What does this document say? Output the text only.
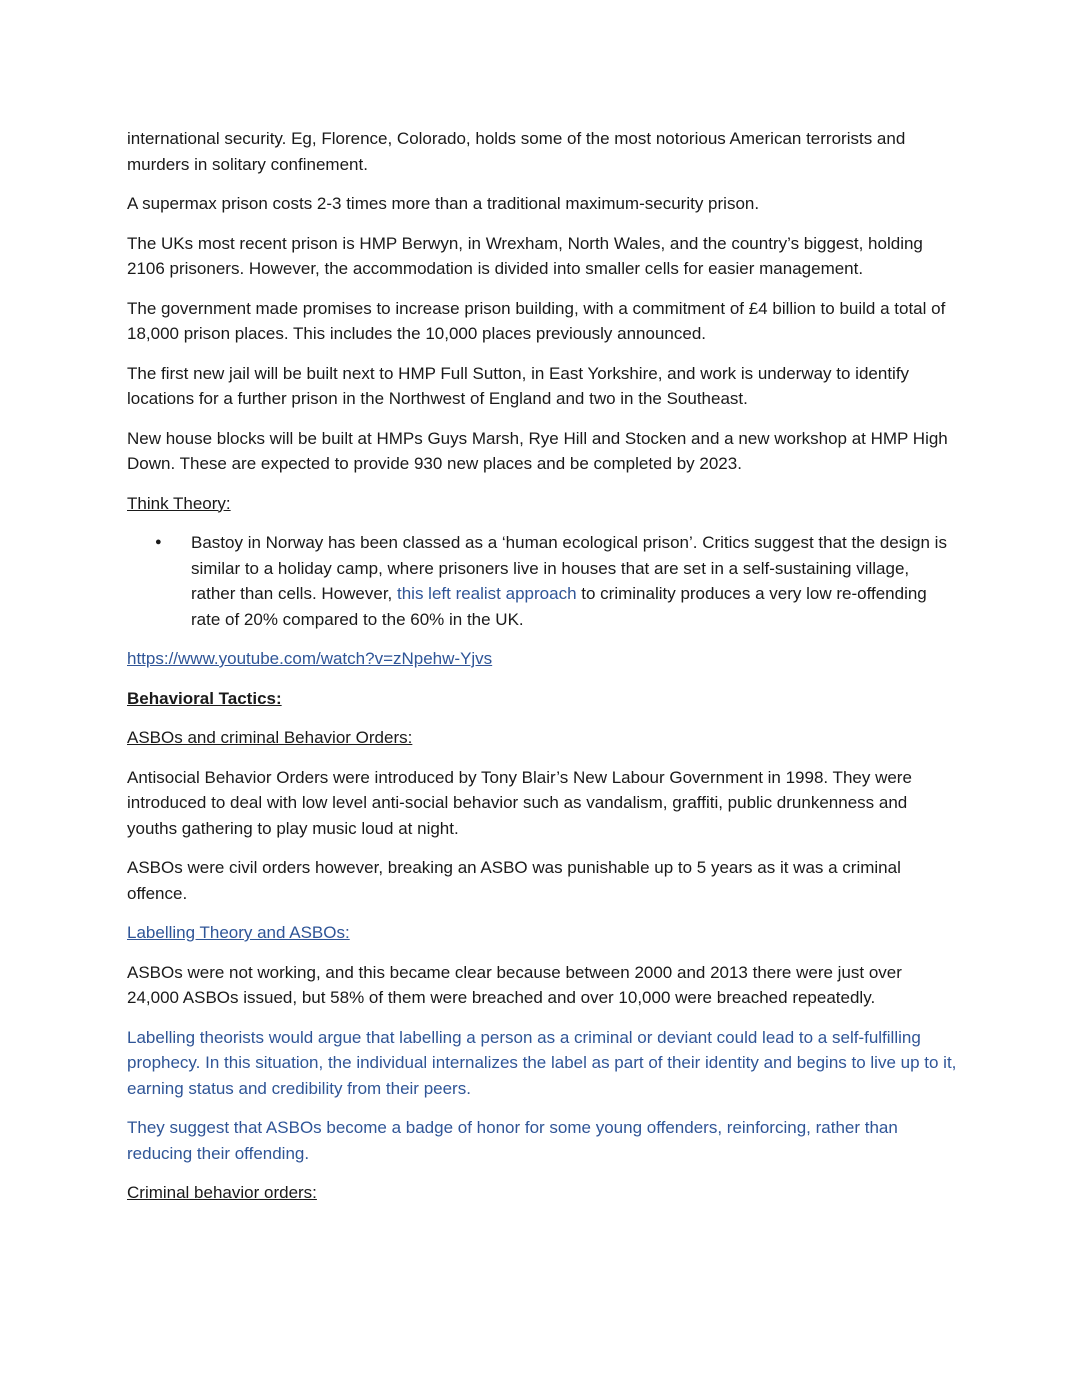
international security. Eg, Florence, Colorado, holds some of the most notorious American terrorists and murders in solitary confinement.

A supermax prison costs 2-3 times more than a traditional maximum-security prison.

The UKs most recent prison is HMP Berwyn, in Wrexham, North Wales, and the country’s biggest, holding 2106 prisoners. However, the accommodation is divided into smaller cells for easier management.

The government made promises to increase prison building, with a commitment of £4 billion to build a total of 18,000 prison places. This includes the 10,000 places previously announced.

The first new jail will be built next to HMP Full Sutton, in East Yorkshire, and work is underway to identify locations for a further prison in the Northwest of England and two in the Southeast.

New house blocks will be built at HMPs Guys Marsh, Rye Hill and Stocken and a new workshop at HMP High Down. These are expected to provide 930 new places and be completed by 2023.

Think Theory:

● Bastoy in Norway has been classed as a ‘human ecological prison’. Critics suggest that the design is similar to a holiday camp, where prisoners live in houses that are set in a self-sustaining village, rather than cells. However, this left realist approach to criminality produces a very low re-offending rate of 20% compared to the 60% in the UK.

https://www.youtube.com/watch?v=zNpehw-Yjvs

Behavioral Tactics:

ASBOs and criminal Behavior Orders:

Antisocial Behavior Orders were introduced by Tony Blair’s New Labour Government in 1998. They were introduced to deal with low level anti-social behavior such as vandalism, graffiti, public drunkenness and youths gathering to play music loud at night.

ASBOs were civil orders however, breaking an ASBO was punishable up to 5 years as it was a criminal offence.

Labelling Theory and ASBOs:

ASBOs were not working, and this became clear because between 2000 and 2013 there were just over 24,000 ASBOs issued, but 58% of them were breached and over 10,000 were breached repeatedly.

Labelling theorists would argue that labelling a person as a criminal or deviant could lead to a self-fulfilling prophecy. In this situation, the individual internalizes the label as part of their identity and begins to live up to it, earning status and credibility from their peers.

They suggest that ASBOs become a badge of honor for some young offenders, reinforcing, rather than reducing their offending.

Criminal behavior orders:
